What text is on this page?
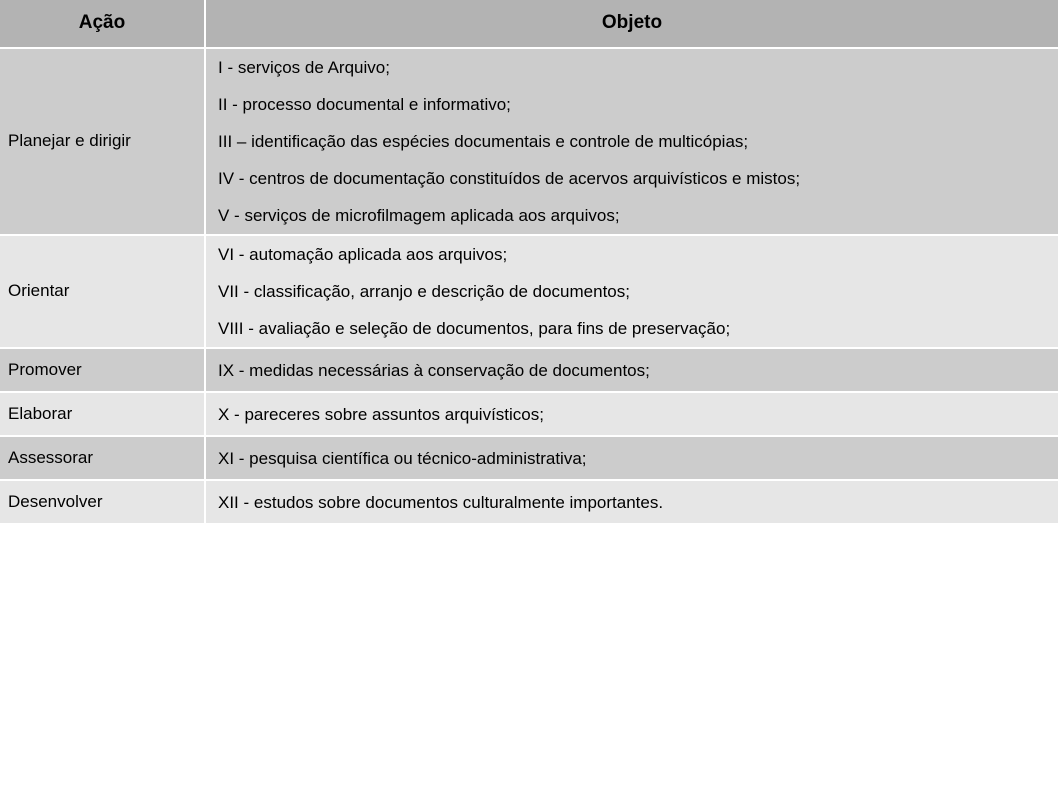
Ação	Objeto

Planejar e dirigir	I - serviços de Arquivo;
II - processo documental e informativo;
III – identificação das espécies documentais e controle de multicópias;
IV - centros de documentação constituídos de acervos arquivísticos e mistos;
V - serviços de microfilmagem aplicada aos arquivos;

Orientar	VI - automação aplicada aos arquivos;
VII - classificação, arranjo e descrição de documentos;
VIII - avaliação e seleção de documentos, para fins de preservação;

Promover	IX - medidas necessárias à conservação de documentos;

Elaborar	X - pareceres sobre assuntos arquivísticos;

Assessorar	XI - pesquisa científica ou técnico-administrativa;

Desenvolver	XII - estudos sobre documentos culturalmente importantes.
